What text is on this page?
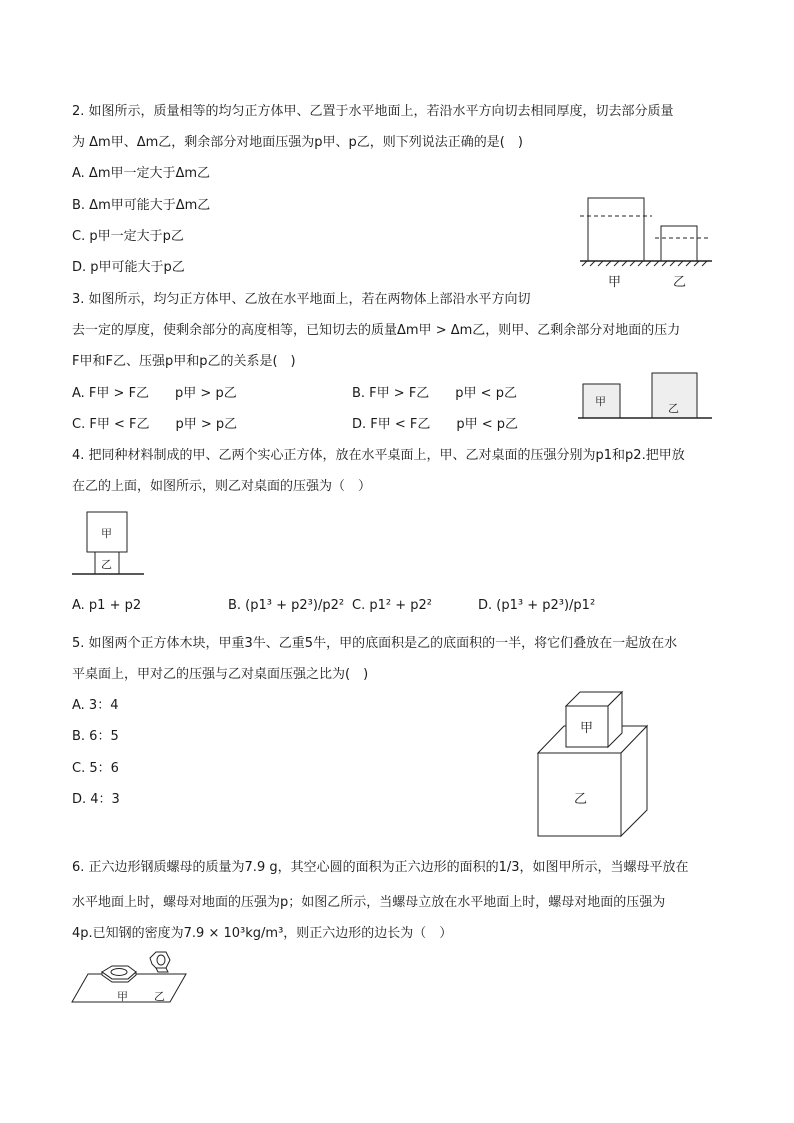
2. 如图所示，质量相等的均匀正方体甲、乙置于水平地面上，若沿水平方向切去相同厚度，切去部分质量
为 Δm甲、Δm乙，剩余部分对地面压强为p甲、p乙，则下列说法正确的是(　)
A. Δm甲一定大于Δm乙
B. Δm甲可能大于Δm乙
C. p甲一定大于p乙
D. p甲可能大于p乙
甲	乙
3. 如图所示，均匀正方体甲、乙放在水平地面上，若在两物体上部沿水平方向切
去一定的厚度，使剩余部分的高度相等，已知切去的质量Δm甲 > Δm乙，则甲、乙剩余部分对地面的压力
F甲和F乙、压强p甲和p乙的关系是(　)
A. F甲 > F乙　　p甲 > p乙	B. F甲 > F乙　　p甲 < p乙
C. F甲 < F乙　　p甲 > p乙	D. F甲 < F乙　　p甲 < p乙
甲
乙
4. 把同种材料制成的甲、乙两个实心正方体，放在水平桌面上，甲、乙对桌面的压强分别为p1和p2.把甲放
在乙的上面，如图所示，则乙对桌面的压强为（　）
甲
乙
A. p1 + p2	B. (p1³ + p2³)/p2² C. p1² + p2²	D. (p1³ + p2³)/p1²
5. 如图两个正方体木块，甲重3牛、乙重5牛，甲的底面积是乙的底面积的一半，将它们叠放在一起放在水
平桌面上，甲对乙的压强与乙对桌面压强之比为(　)
A. 3：4
B. 6：5
C. 5：6
D. 4：3	乙
甲
6. 正六边形钢质螺母的质量为7.9 g，其空心圆的面积为正六边形的面积的1/3，如图甲所示，当螺母平放在
水平地面上时，螺母对地面的压强为p；如图乙所示，当螺母立放在水平地面上时，螺母对地面的压强为
4p.已知钢的密度为7.9 × 10³kg/m³，则正六边形的边长为（　）
甲 乙
